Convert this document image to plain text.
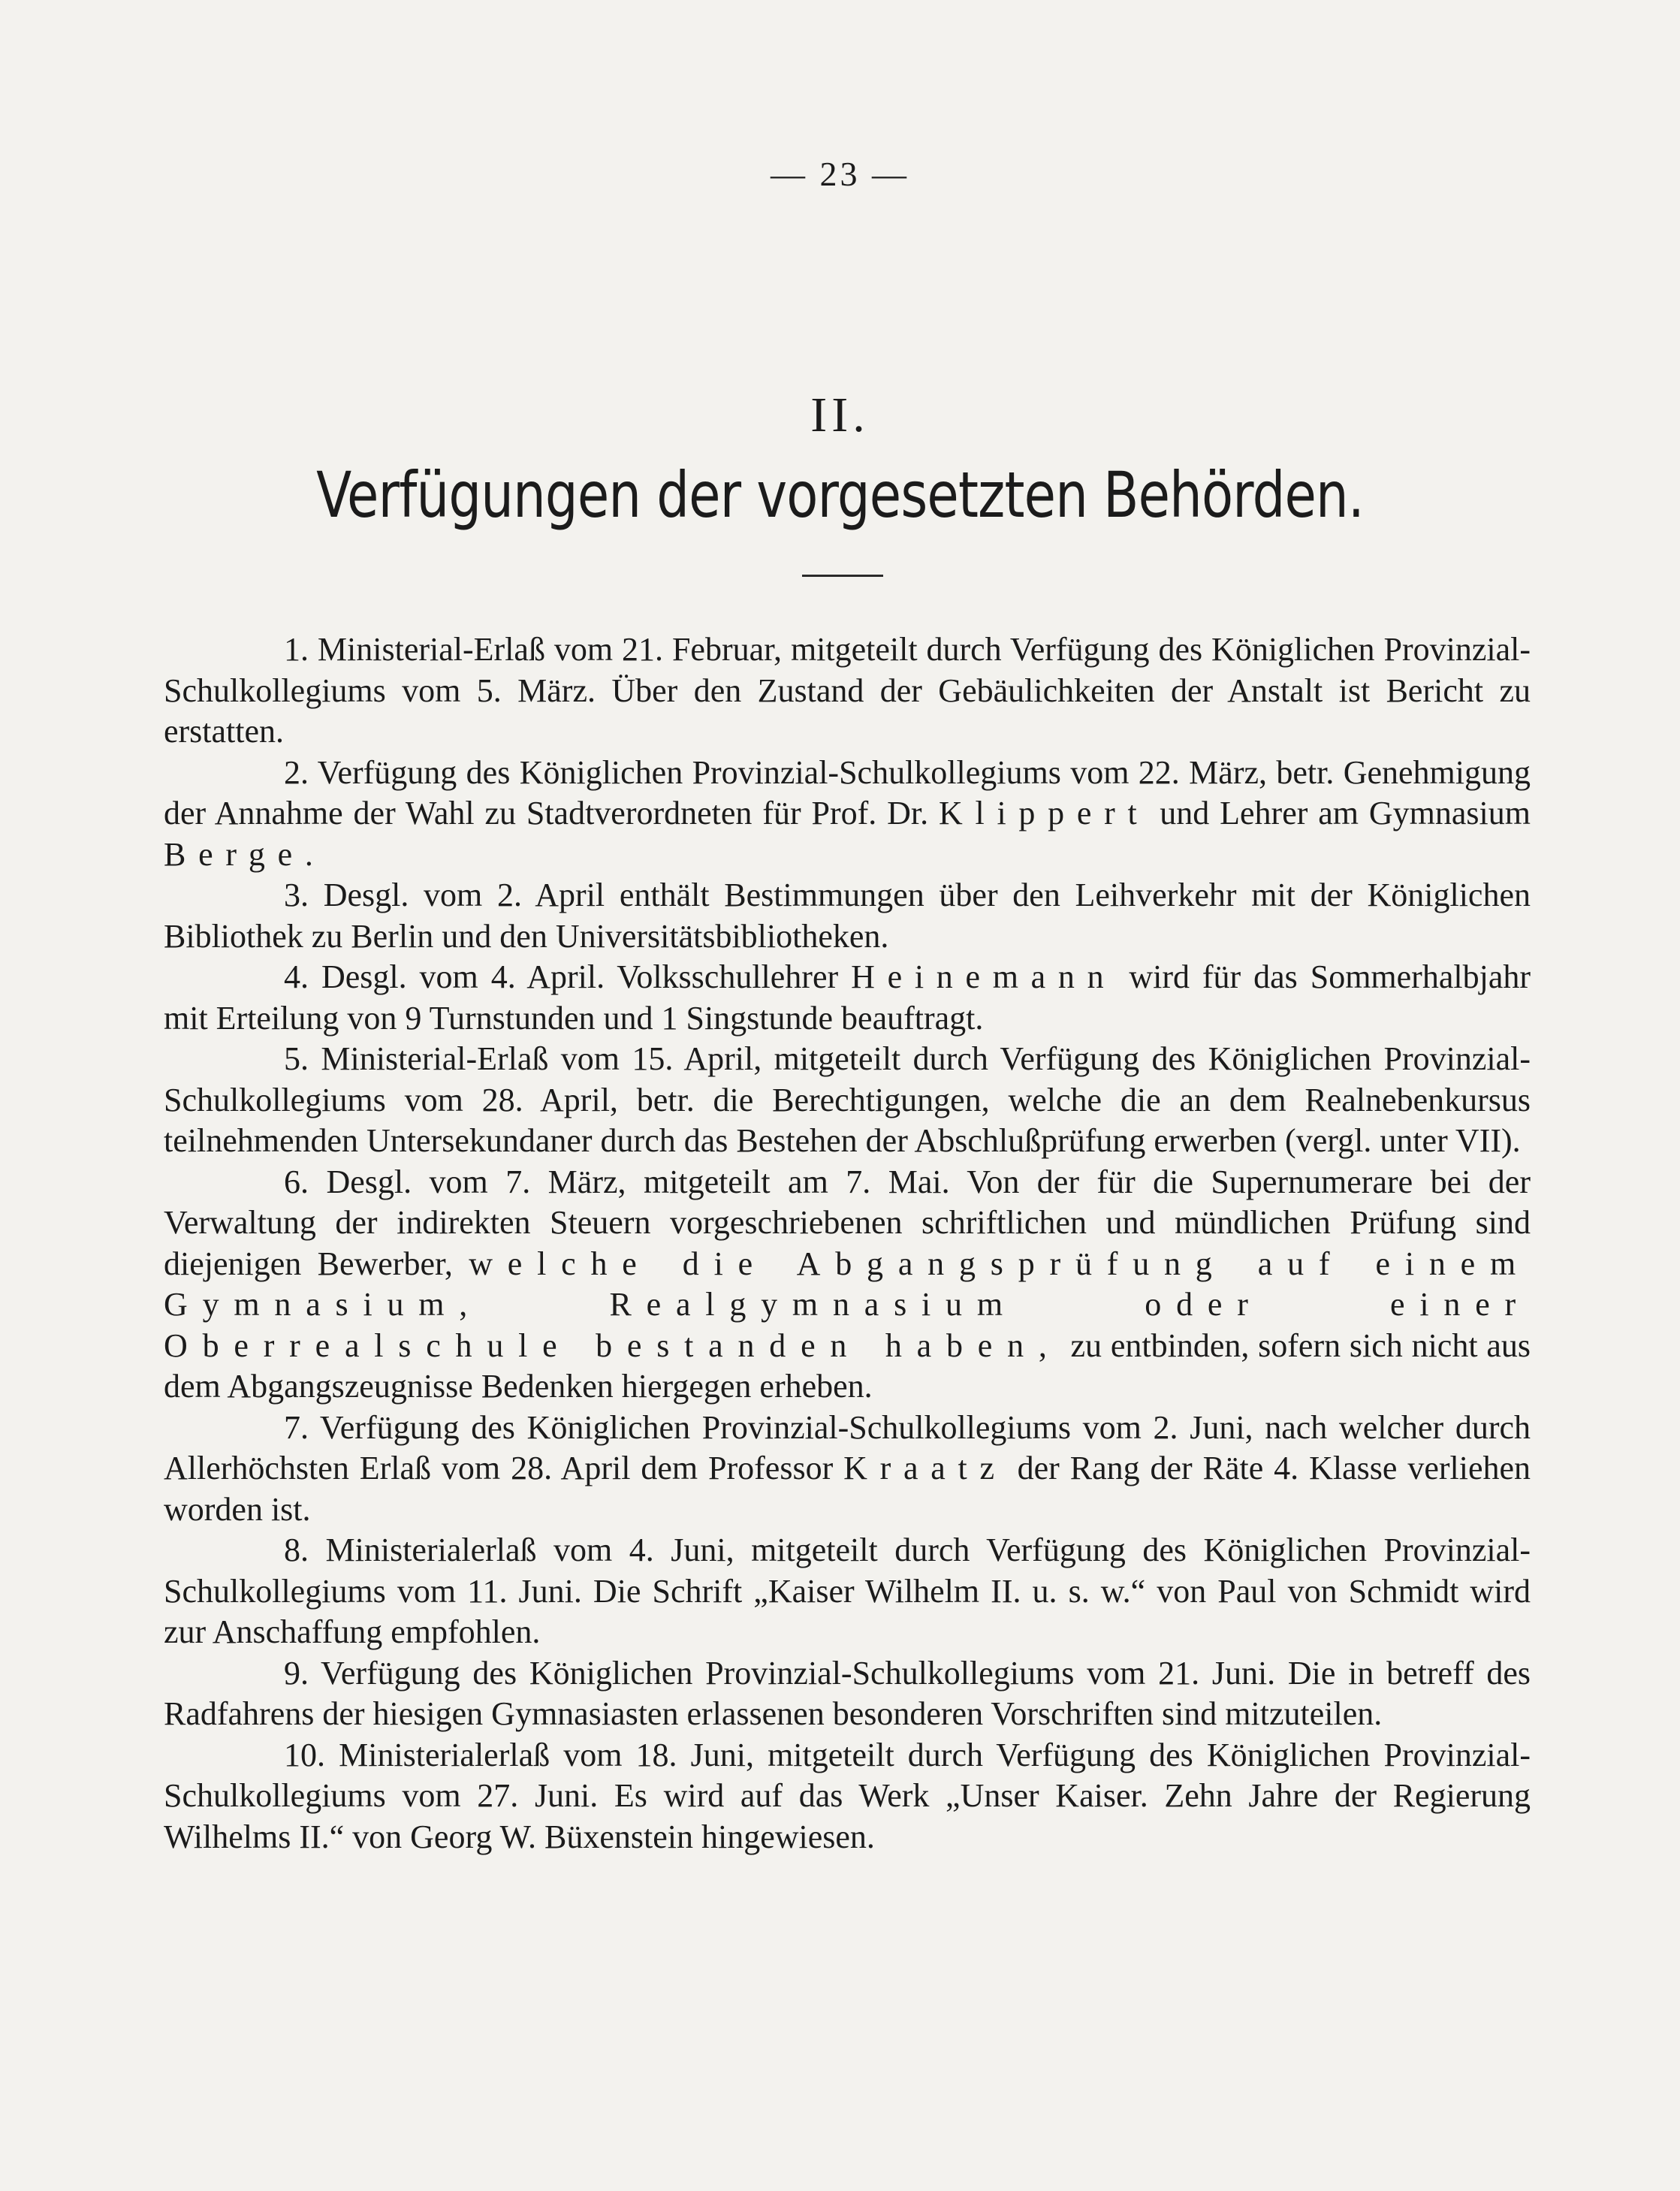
— 23 —
II.
Verfügungen der vorgesetzten Behörden.

1. Ministerial-Erlaß vom 21. Februar, mitgeteilt durch Verfügung des Königlichen Provinzial-Schulkollegiums vom 5. März. Über den Zustand der Gebäulichkeiten der Anstalt ist Bericht zu erstatten.

2. Verfügung des Königlichen Provinzial-Schulkollegiums vom 22. März, betr. Genehmigung der Annahme der Wahl zu Stadtverordneten für Prof. Dr. Klippert und Lehrer am Gymnasium Berge.

3. Desgl. vom 2. April enthält Bestimmungen über den Leihverkehr mit der Königlichen Bibliothek zu Berlin und den Universitätsbibliotheken.

4. Desgl. vom 4. April. Volksschullehrer Heinemann wird für das Sommerhalbjahr mit Erteilung von 9 Turnstunden und 1 Singstunde beauftragt.

5. Ministerial-Erlaß vom 15. April, mitgeteilt durch Verfügung des Königlichen Provinzial-Schulkollegiums vom 28. April, betr. die Berechtigungen, welche die an dem Realnebenkursus teilnehmenden Untersekundaner durch das Bestehen der Abschlußprüfung erwerben (vergl. unter VII).

6. Desgl. vom 7. März, mitgeteilt am 7. Mai. Von der für die Supernumerare bei der Verwaltung der indirekten Steuern vorgeschriebenen schriftlichen und mündlichen Prüfung sind diejenigen Bewerber, welche die Abgangsprüfung auf einem Gymnasium, Realgymnasium oder einer Oberrealschule bestanden haben, zu entbinden, sofern sich nicht aus dem Abgangszeugnisse Bedenken hiergegen erheben.

7. Verfügung des Königlichen Provinzial-Schulkollegiums vom 2. Juni, nach welcher durch Allerhöchsten Erlaß vom 28. April dem Professor Kraatz der Rang der Räte 4. Klasse verliehen worden ist.

8. Ministerialerlaß vom 4. Juni, mitgeteilt durch Verfügung des Königlichen Provinzial-Schulkollegiums vom 11. Juni. Die Schrift „Kaiser Wilhelm II. u. s. w.“ von Paul von Schmidt wird zur Anschaffung empfohlen.

9. Verfügung des Königlichen Provinzial-Schulkollegiums vom 21. Juni. Die in betreff des Radfahrens der hiesigen Gymnasiasten erlassenen besonderen Vorschriften sind mitzuteilen.

10. Ministerialerlaß vom 18. Juni, mitgeteilt durch Verfügung des Königlichen Provinzial-Schulkollegiums vom 27. Juni. Es wird auf das Werk „Unser Kaiser. Zehn Jahre der Regierung Wilhelms II.“ von Georg W. Büxenstein hingewiesen.
